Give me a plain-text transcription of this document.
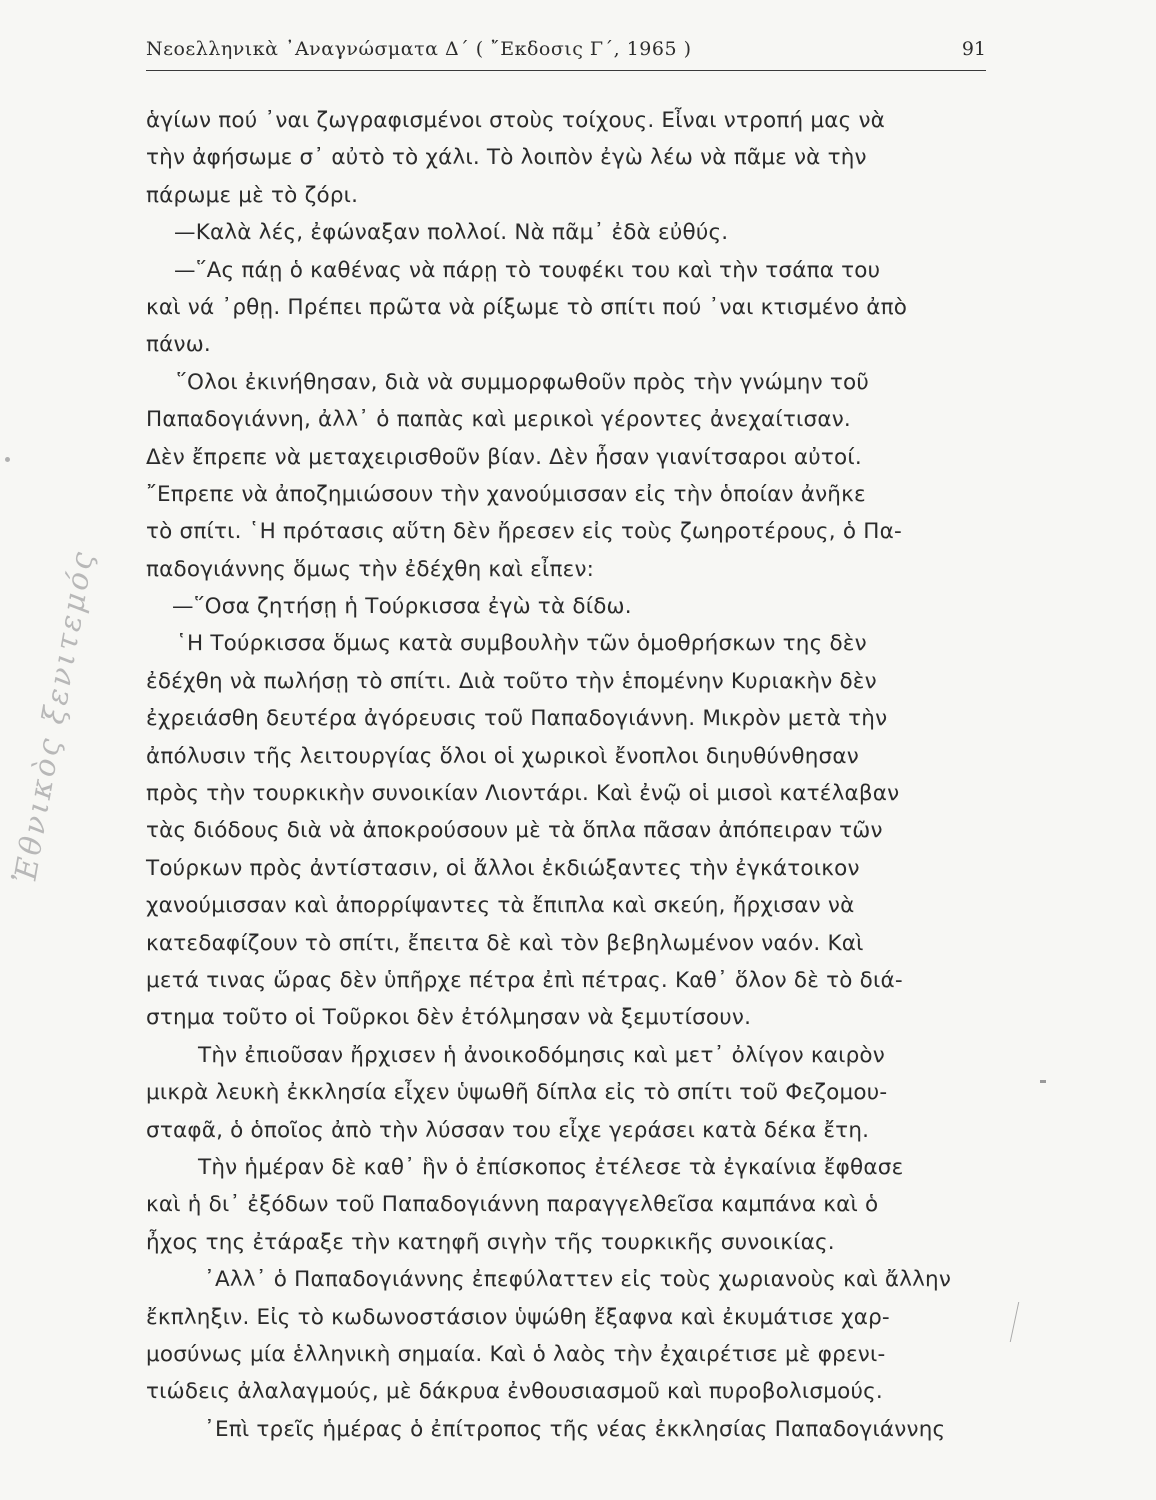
Νεοελληνικὰ ᾿Αναγνώσματα Δ΄ ( ῎Εκδοσις Γ΄, 1965 )	91
ἁγίων πού ᾿ναι ζωγραφισμένοι στοὺς τοίχους. Εἶναι ντροπή μας νὰ
τὴν ἀφήσωμε σ᾿ αὐτὸ τὸ χάλι. Τὸ λοιπὸν ἐγὼ λέω νὰ πᾶμε νὰ τὴν
πάρωμε μὲ τὸ ζόρι.
—Καλὰ λές, ἐφώναξαν πολλοί. Νὰ πᾶμ᾿ ἐδὰ εὐθύς.
—῞Ας πάῃ ὁ καθένας νὰ πάρῃ τὸ τουφέκι του καὶ τὴν τσάπα του
καὶ νά ᾿ρθῃ. Πρέπει πρῶτα νὰ ρίξωμε τὸ σπίτι πού ᾿ναι κτισμένο ἀπὸ
πάνω.
῞Ολοι ἐκινήθησαν, διὰ νὰ συμμορφωθοῦν πρὸς τὴν γνώμην τοῦ
Παπαδογιάννη, ἀλλ᾿ ὁ παπὰς καὶ μερικοὶ γέροντες ἀνεχαίτισαν.
Δὲν ἔπρεπε νὰ μεταχειρισθοῦν βίαν. Δὲν ἦσαν γιανίτσαροι αὐτοί.
῎Επρεπε νὰ ἀποζημιώσουν τὴν χανούμισσαν εἰς τὴν ὁποίαν ἀνῆκε
τὸ σπίτι. ῾Η πρότασις αὕτη δὲν ἤρεσεν εἰς τοὺς ζωηροτέρους, ὁ Πα-
παδογιάννης ὅμως τὴν ἐδέχθη καὶ εἶπεν:
—῞Οσα ζητήσῃ ἡ Τούρκισσα ἐγὼ τὰ δίδω.
῾Η Τούρκισσα ὅμως κατὰ συμβουλὴν τῶν ὁμοθρήσκων της δὲν
ἐδέχθη νὰ πωλήσῃ τὸ σπίτι. Διὰ τοῦτο τὴν ἑπομένην Κυριακὴν δὲν
ἐχρειάσθη δευτέρα ἀγόρευσις τοῦ Παπαδογιάννη. Μικρὸν μετὰ τὴν
ἀπόλυσιν τῆς λειτουργίας ὅλοι οἱ χωρικοὶ ἔνοπλοι διηυθύνθησαν
πρὸς τὴν τουρκικὴν συνοικίαν Λιοντάρι. Καὶ ἐνῷ οἱ μισοὶ κατέλαβαν
τὰς διόδους διὰ νὰ ἀποκρούσουν μὲ τὰ ὅπλα πᾶσαν ἀπόπειραν τῶν
Τούρκων πρὸς ἀντίστασιν, οἱ ἄλλοι ἐκδιώξαντες τὴν ἐγκάτοικον
χανούμισσαν καὶ ἀπορρίψαντες τὰ ἔπιπλα καὶ σκεύη, ἤρχισαν νὰ
κατεδαφίζουν τὸ σπίτι, ἔπειτα δὲ καὶ τὸν βεβηλωμένον ναόν. Καὶ
μετά τινας ὥρας δὲν ὑπῆρχε πέτρα ἐπὶ πέτρας. Καθ᾿ ὅλον δὲ τὸ διά-
στημα τοῦτο οἱ Τοῦρκοι δὲν ἐτόλμησαν νὰ ξεμυτίσουν.
Τὴν ἐπιοῦσαν ἤρχισεν ἡ ἀνοικοδόμησις καὶ μετ᾿ ὀλίγον καιρὸν
μικρὰ λευκὴ ἐκκλησία εἶχεν ὑψωθῆ δίπλα εἰς τὸ σπίτι τοῦ Φεζομου-
σταφᾶ, ὁ ὁποῖος ἀπὸ τὴν λύσσαν του εἶχε γεράσει κατὰ δέκα ἔτη.
Τὴν ἡμέραν δὲ καθ᾿ ἣν ὁ ἐπίσκοπος ἐτέλεσε τὰ ἐγκαίνια ἔφθασε
καὶ ἡ δι᾿ ἐξόδων τοῦ Παπαδογιάννη παραγγελθεῖσα καμπάνα καὶ ὁ
ἦχος της ἐτάραξε τὴν κατηφῆ σιγὴν τῆς τουρκικῆς συνοικίας.
᾿Αλλ᾿ ὁ Παπαδογιάννης ἐπεφύλαττεν εἰς τοὺς χωριανοὺς καὶ ἄλλην
ἔκπληξιν. Εἰς τὸ κωδωνοστάσιον ὑψώθη ἔξαφνα καὶ ἐκυμάτισε χαρ-
μοσύνως μία ἑλληνικὴ σημαία. Καὶ ὁ λαὸς τὴν ἐχαιρέτισε μὲ φρενι-
τιώδεις ἀλαλαγμούς, μὲ δάκρυα ἐνθουσιασμοῦ καὶ πυροβολισμούς.
᾿Επὶ τρεῖς ἡμέρας ὁ ἐπίτροπος τῆς νέας ἐκκλησίας Παπαδογιάννης
Ἐθνικὸς ξενιτεμός
